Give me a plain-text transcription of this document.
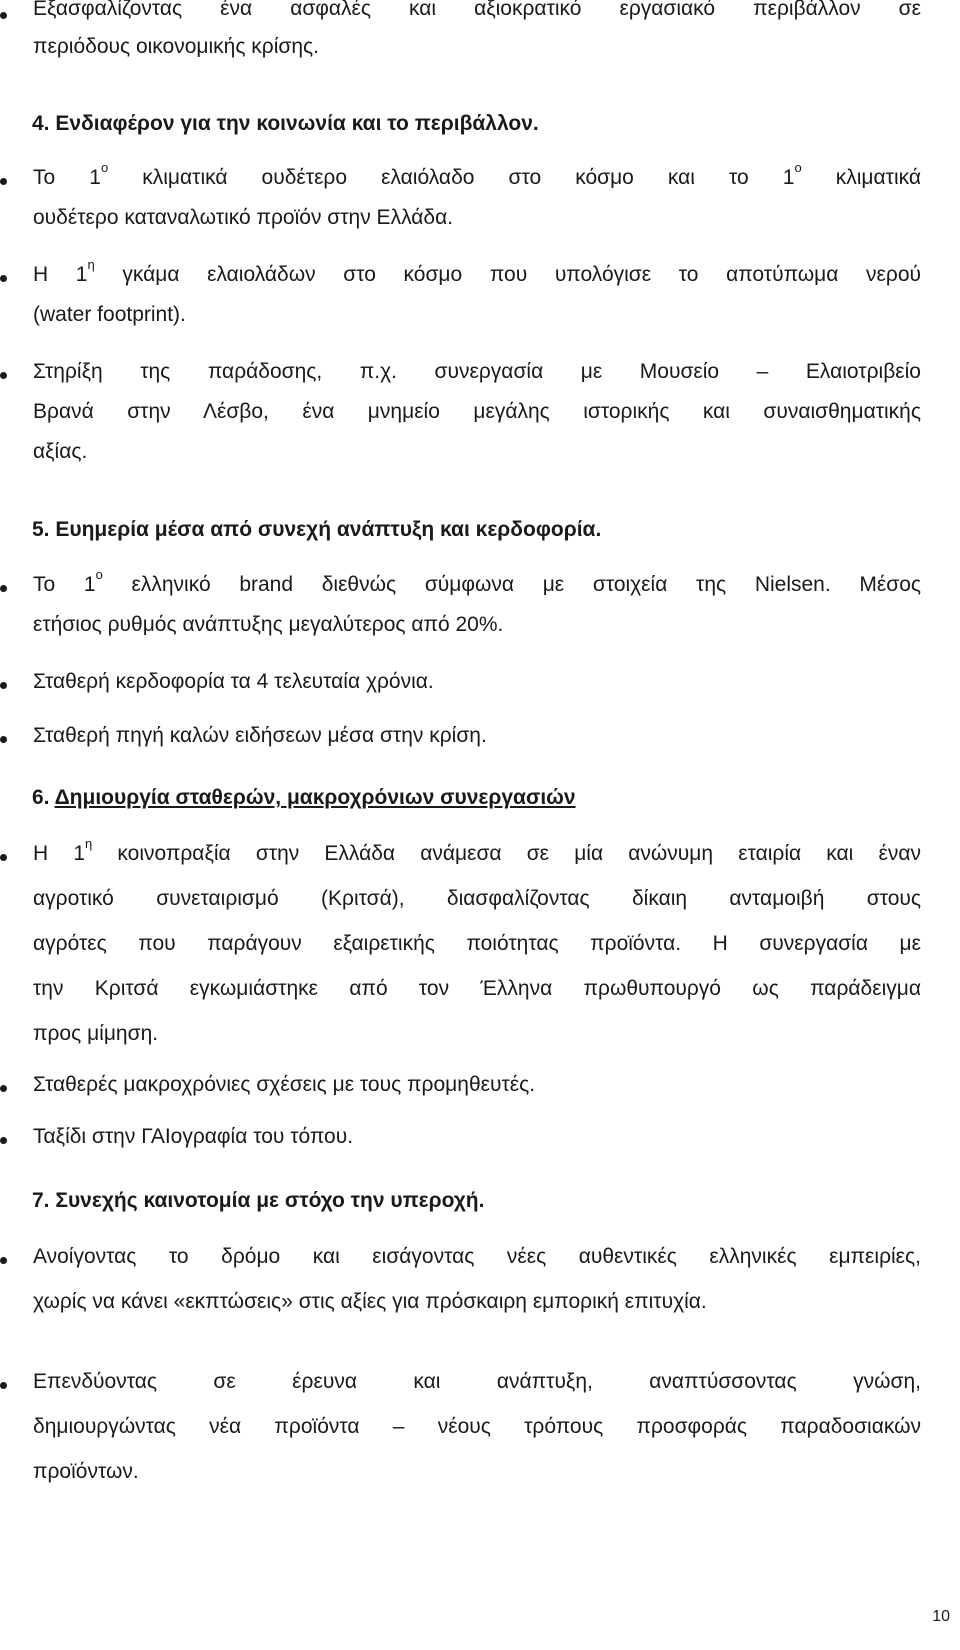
Εξασφαλίζοντας ένα ασφαλές και αξιοκρατικό εργασιακό περιβάλλον σε
περιόδους οικονομικής κρίσης.
4. Ενδιαφέρον για την κοινωνία και το περιβάλλον.
Το $1^o$ κλιματικά ουδέτερο ελαιόλαδο στο κόσμο και το $1^o$ κλιματικά
ουδέτερο καταναλωτικό προϊόν στην Ελλάδα.
Η $1^\eta$ γκάμα ελαιολάδων στο κόσμο που υπολόγισε το αποτύπωμα νερού
(water footprint).
Στηρίξη της παράδοσης, π.χ. συνεργασία με Μουσείο – Ελαιοτριβείο
Βρανά στην Λέσβο, ένα μνημείο μεγάλης ιστορικής και συναισθηματικής
αξίας.
5. Ευημερία μέσα από συνεχή ανάπτυξη και κερδοφορία.
Το $1^o$ ελληνικό brand διεθνώς σύμφωνα με στοιχεία της Nielsen. Μέσος
ετήσιος ρυθμός ανάπτυξης μεγαλύτερος από 20%.
Σταθερή κερδοφορία τα 4 τελευταία χρόνια.
Σταθερή πηγή καλών ειδήσεων μέσα στην κρίση.
6. Δημιουργία σταθερών, μακροχρόνιων συνεργασιών
Η $1^\eta$ κοινοπραξία στην Ελλάδα ανάμεσα σε μία ανώνυμη εταιρία και έναν
αγροτικό συνεταιρισμό (Κριτσά), διασφαλίζοντας δίκαιη ανταμοιβή στους
αγρότες που παράγουν εξαιρετικής ποιότητας προϊόντα. Η συνεργασία με
την Κριτσά εγκωμιάστηκε από τον Έλληνα πρωθυπουργό ως παράδειγμα
προς μίμηση.
Σταθερές μακροχρόνιες σχέσεις με τους προμηθευτές.
Ταξίδι στην ΓΑΙογραφία του τόπου.
7. Συνεχής καινοτομία με στόχο την υπεροχή.
Ανοίγοντας το δρόμο και εισάγοντας νέες αυθεντικές ελληνικές εμπειρίες,
χωρίς να κάνει «εκπτώσεις» στις αξίες για πρόσκαιρη εμπορική επιτυχία.
Επενδύοντας σε έρευνα και ανάπτυξη, αναπτύσσοντας γνώση,
δημιουργώντας νέα προϊόντα – νέους τρόπους προσφοράς παραδοσιακών
προϊόντων.
10
